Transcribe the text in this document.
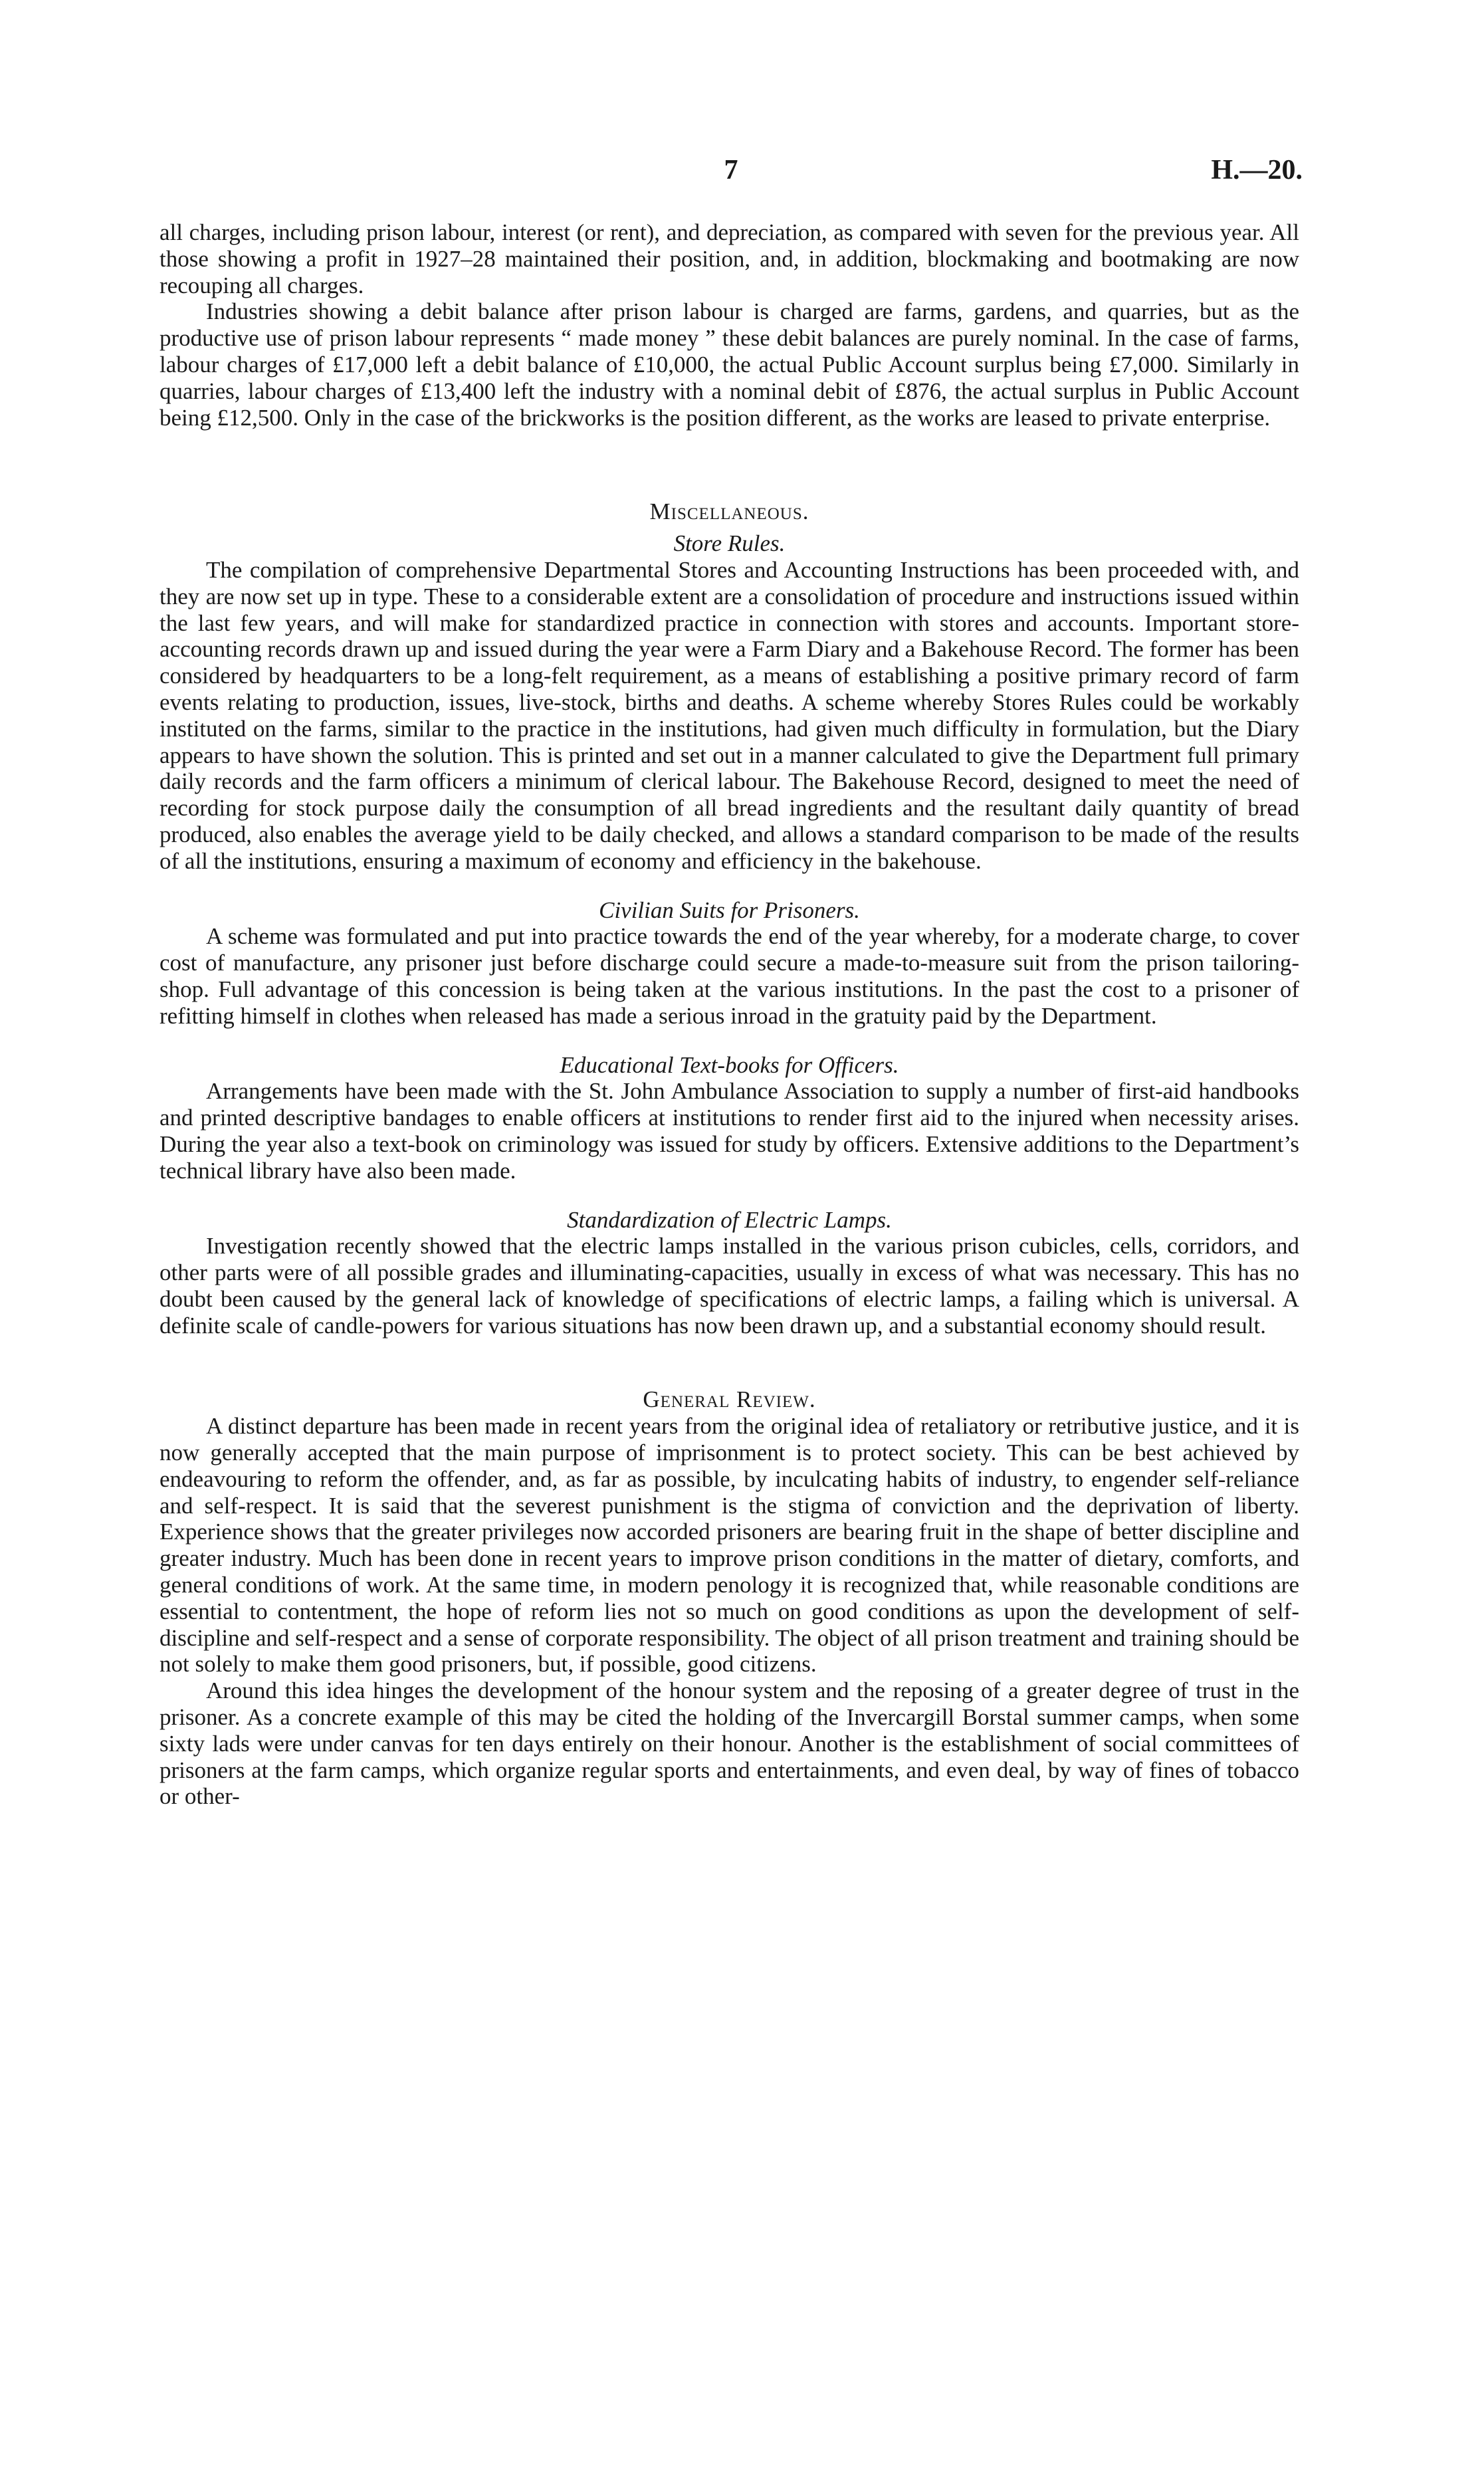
7	H.—20.

all charges, including prison labour, interest (or rent), and depreciation, as compared with seven for the previous year. All those showing a profit in 1927–28 maintained their position, and, in addition, blockmaking and bootmaking are now recouping all charges.

Industries showing a debit balance after prison labour is charged are farms, gardens, and quarries, but as the productive use of prison labour represents “ made money ” these debit balances are purely nominal. In the case of farms, labour charges of £17,000 left a debit balance of £10,000, the actual Public Account surplus being £7,000. Similarly in quarries, labour charges of £13,400 left the industry with a nominal debit of £876, the actual surplus in Public Account being £12,500. Only in the case of the brickworks is the position different, as the works are leased to private enterprise.

Miscellaneous.
Store Rules.

The compilation of comprehensive Departmental Stores and Accounting Instructions has been proceeded with, and they are now set up in type. These to a considerable extent are a consolidation of procedure and instructions issued within the last few years, and will make for standardized practice in connection with stores and accounts. Important store-accounting records drawn up and issued during the year were a Farm Diary and a Bakehouse Record. The former has been considered by headquarters to be a long-felt requirement, as a means of establishing a positive primary record of farm events relating to production, issues, live-stock, births and deaths. A scheme whereby Stores Rules could be workably instituted on the farms, similar to the practice in the institutions, had given much difficulty in formulation, but the Diary appears to have shown the solution. This is printed and set out in a manner calculated to give the Department full primary daily records and the farm officers a minimum of clerical labour. The Bakehouse Record, designed to meet the need of recording for stock purpose daily the consumption of all bread ingredients and the resultant daily quantity of bread produced, also enables the average yield to be daily checked, and allows a standard comparison to be made of the results of all the institutions, ensuring a maximum of economy and efficiency in the bakehouse.

Civilian Suits for Prisoners.

A scheme was formulated and put into practice towards the end of the year whereby, for a moderate charge, to cover cost of manufacture, any prisoner just before discharge could secure a made-to-measure suit from the prison tailoring-shop. Full advantage of this concession is being taken at the various institutions. In the past the cost to a prisoner of refitting himself in clothes when released has made a serious inroad in the gratuity paid by the Department.

Educational Text-books for Officers.

Arrangements have been made with the St. John Ambulance Association to supply a number of first-aid handbooks and printed descriptive bandages to enable officers at institutions to render first aid to the injured when necessity arises. During the year also a text-book on criminology was issued for study by officers. Extensive additions to the Department’s technical library have also been made.

Standardization of Electric Lamps.

Investigation recently showed that the electric lamps installed in the various prison cubicles, cells, corridors, and other parts were of all possible grades and illuminating-capacities, usually in excess of what was necessary. This has no doubt been caused by the general lack of knowledge of specifications of electric lamps, a failing which is universal. A definite scale of candle-powers for various situations has now been drawn up, and a substantial economy should result.

General Review.

A distinct departure has been made in recent years from the original idea of retaliatory or retributive justice, and it is now generally accepted that the main purpose of imprisonment is to protect society. This can be best achieved by endeavouring to reform the offender, and, as far as possible, by inculcating habits of industry, to engender self-reliance and self-respect. It is said that the severest punishment is the stigma of conviction and the deprivation of liberty. Experience shows that the greater privileges now accorded prisoners are bearing fruit in the shape of better discipline and greater industry. Much has been done in recent years to improve prison conditions in the matter of dietary, comforts, and general conditions of work. At the same time, in modern penology it is recognized that, while reasonable conditions are essential to contentment, the hope of reform lies not so much on good conditions as upon the development of self-discipline and self-respect and a sense of corporate responsibility. The object of all prison treatment and training should be not solely to make them good prisoners, but, if possible, good citizens.

Around this idea hinges the development of the honour system and the reposing of a greater degree of trust in the prisoner. As a concrete example of this may be cited the holding of the Invercargill Borstal summer camps, when some sixty lads were under canvas for ten days entirely on their honour. Another is the establishment of social committees of prisoners at the farm camps, which organize regular sports and entertainments, and even deal, by way of fines of tobacco or other-
